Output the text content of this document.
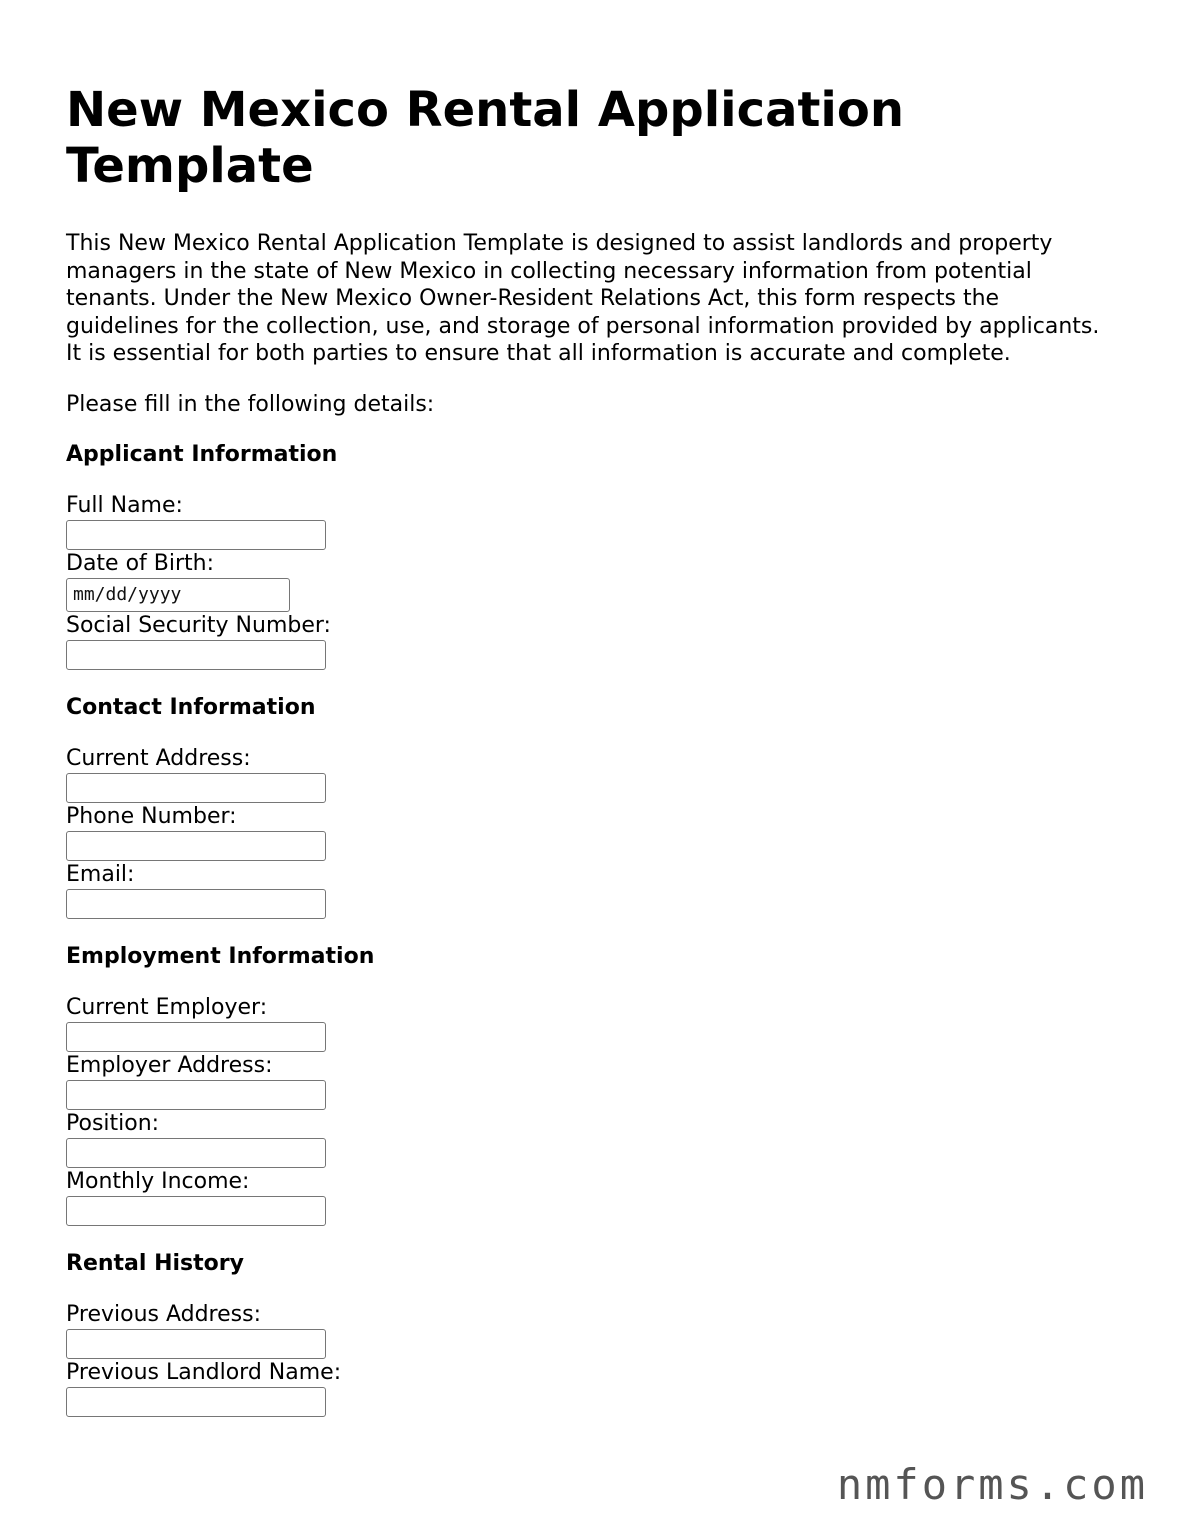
New Mexico Rental Application Template

This New Mexico Rental Application Template is designed to assist landlords and property managers in the state of New Mexico in collecting necessary information from potential tenants. Under the New Mexico Owner-Resident Relations Act, this form respects the guidelines for the collection, use, and storage of personal information provided by applicants. It is essential for both parties to ensure that all information is accurate and complete.

Please fill in the following details:

Applicant Information
Full Name:
Date of Birth:
mm/dd/yyyy
Social Security Number:
Contact Information
Current Address:
Phone Number:
Email:
Employment Information
Current Employer:
Employer Address:
Position:
Monthly Income:
Rental History
Previous Address:
Previous Landlord Name:
nmforms.com
